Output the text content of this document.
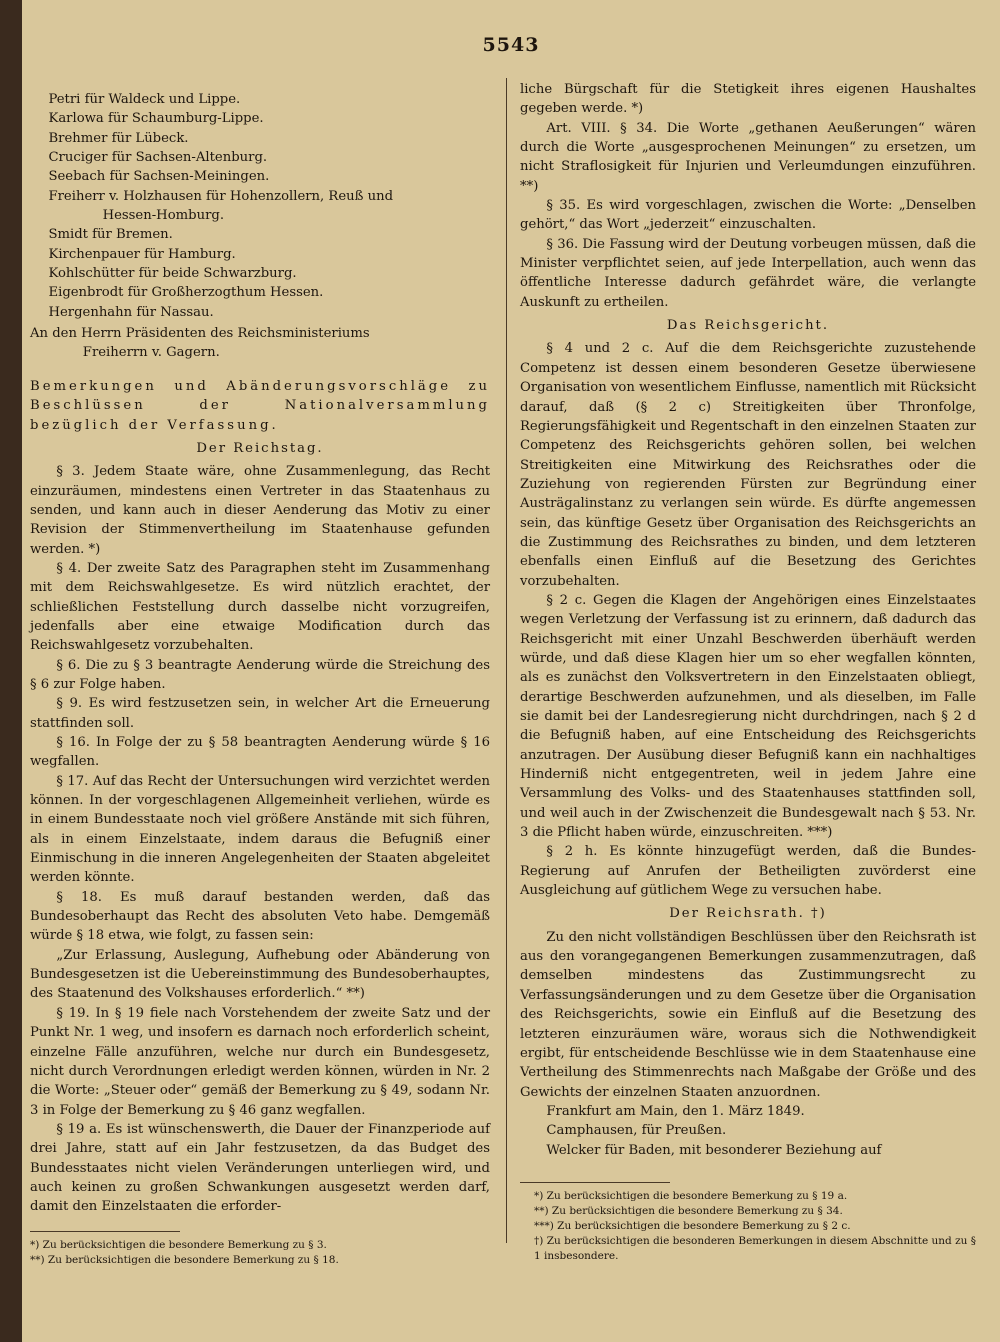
5543

Petri für Waldeck und Lippe.

Karlowa für Schaumburg-Lippe.

Brehmer für Lübeck.

Cruciger für Sachsen-Altenburg.

Seebach für Sachsen-Meiningen.

Freiherr v. Holzhausen für Hohenzollern, Reuß und

Hessen-Homburg.

Smidt für Bremen.

Kirchenpauer für Hamburg.

Kohlschütter für beide Schwarzburg.

Eigenbrodt für Großherzogthum Hessen.

Hergenhahn für Nassau.

An den Herrn Präsidenten des Reichsministeriums

Freiherrn v. Gagern.

Bemerkungen und Abänderungsvorschläge zu Beschlüssen der Nationalversammlung bezüglich der Verfassung.

Der Reichstag.

§ 3. Jedem Staate wäre, ohne Zusammenlegung, das Recht einzuräumen, mindestens einen Vertreter in das Staatenhaus zu senden, und kann auch in dieser Aenderung das Motiv zu einer Revision der Stimmenvertheilung im Staatenhause gefunden werden. *)

§ 4. Der zweite Satz des Paragraphen steht im Zusammenhang mit dem Reichswahlgesetze. Es wird nützlich erachtet, der schließlichen Feststellung durch dasselbe nicht vorzugreifen, jedenfalls aber eine etwaige Modification durch das Reichswahlgesetz vorzubehalten.

§ 6. Die zu § 3 beantragte Aenderung würde die Streichung des § 6 zur Folge haben.

§ 9. Es wird festzusetzen sein, in welcher Art die Erneuerung stattfinden soll.

§ 16. In Folge der zu § 58 beantragten Aenderung würde § 16 wegfallen.

§ 17. Auf das Recht der Untersuchungen wird verzichtet werden können. In der vorgeschlagenen Allgemeinheit verliehen, würde es in einem Bundesstaate noch viel größere Anstände mit sich führen, als in einem Einzelstaate, indem daraus die Befugniß einer Einmischung in die inneren Angelegenheiten der Staaten abgeleitet werden könnte.

§ 18. Es muß darauf bestanden werden, daß das Bundesoberhaupt das Recht des absoluten Veto habe. Demgemäß würde § 18 etwa, wie folgt, zu fassen sein:

„Zur Erlassung, Auslegung, Aufhebung oder Abänderung von Bundesgesetzen ist die Uebereinstimmung des Bundesoberhauptes, des Staatenund des Volkshauses erforderlich.“ **)

§ 19. In § 19 fiele nach Vorstehendem der zweite Satz und der Punkt Nr. 1 weg, und insofern es darnach noch erforderlich scheint, einzelne Fälle anzuführen, welche nur durch ein Bundesgesetz, nicht durch Verordnungen erledigt werden können, würden in Nr. 2 die Worte: „Steuer oder“ gemäß der Bemerkung zu § 49, sodann Nr. 3 in Folge der Bemerkung zu § 46 ganz wegfallen.

§ 19 a. Es ist wünschenswerth, die Dauer der Finanzperiode auf drei Jahre, statt auf ein Jahr festzusetzen, da das Budget des Bundesstaates nicht vielen Veränderungen unterliegen wird, und auch keinen zu großen Schwankungen ausgesetzt werden darf, damit den Einzelstaaten die erforder-

*) Zu berücksichtigen die besondere Bemerkung zu § 3.

**) Zu berücksichtigen die besondere Bemerkung zu § 18.

liche Bürgschaft für die Stetigkeit ihres eigenen Haushaltes gegeben werde. *)

Art. VIII. § 34. Die Worte „gethanen Aeußerungen“ wären durch die Worte „ausgesprochenen Meinungen“ zu ersetzen, um nicht Straflosigkeit für Injurien und Verleumdungen einzuführen. **)

§ 35. Es wird vorgeschlagen, zwischen die Worte: „Denselben gehört,“ das Wort „jederzeit“ einzuschalten.

§ 36. Die Fassung wird der Deutung vorbeugen müssen, daß die Minister verpflichtet seien, auf jede Interpellation, auch wenn das öffentliche Interesse dadurch gefährdet wäre, die verlangte Auskunft zu ertheilen.

Das Reichsgericht.

§ 4 und 2 c. Auf die dem Reichsgerichte zuzustehende Competenz ist dessen einem besonderen Gesetze überwiesene Organisation von wesentlichem Einflusse, namentlich mit Rücksicht darauf, daß (§ 2 c) Streitigkeiten über Thronfolge, Regierungsfähigkeit und Regentschaft in den einzelnen Staaten zur Competenz des Reichsgerichts gehören sollen, bei welchen Streitigkeiten eine Mitwirkung des Reichsrathes oder die Zuziehung von regierenden Fürsten zur Begründung einer Austrägalinstanz zu verlangen sein würde. Es dürfte angemessen sein, das künftige Gesetz über Organisation des Reichsgerichts an die Zustimmung des Reichsrathes zu binden, und dem letzteren ebenfalls einen Einfluß auf die Besetzung des Gerichtes vorzubehalten.

§ 2 c. Gegen die Klagen der Angehörigen eines Einzelstaates wegen Verletzung der Verfassung ist zu erinnern, daß dadurch das Reichsgericht mit einer Unzahl Beschwerden überhäuft werden würde, und daß diese Klagen hier um so eher wegfallen könnten, als es zunächst den Volksvertretern in den Einzelstaaten obliegt, derartige Beschwerden aufzunehmen, und als dieselben, im Falle sie damit bei der Landesregierung nicht durchdringen, nach § 2 d die Befugniß haben, auf eine Entscheidung des Reichsgerichts anzutragen. Der Ausübung dieser Befugniß kann ein nachhaltiges Hinderniß nicht entgegentreten, weil in jedem Jahre eine Versammlung des Volks- und des Staatenhauses stattfinden soll, und weil auch in der Zwischenzeit die Bundesgewalt nach § 53. Nr. 3 die Pflicht haben würde, einzuschreiten. ***)

§ 2 h. Es könnte hinzugefügt werden, daß die Bundes-Regierung auf Anrufen der Betheiligten zuvörderst eine Ausgleichung auf gütlichem Wege zu versuchen habe.

Der Reichsrath. †)

Zu den nicht vollständigen Beschlüssen über den Reichsrath ist aus den vorangegangenen Bemerkungen zusammenzutragen, daß demselben mindestens das Zustimmungsrecht zu Verfassungsänderungen und zu dem Gesetze über die Organisation des Reichsgerichts, sowie ein Einfluß auf die Besetzung des letzteren einzuräumen wäre, woraus sich die Nothwendigkeit ergibt, für entscheidende Beschlüsse wie in dem Staatenhause eine Vertheilung des Stimmenrechts nach Maßgabe der Größe und des Gewichts der einzelnen Staaten anzuordnen.

Frankfurt am Main, den 1. März 1849.

Camphausen, für Preußen.

Welcker für Baden, mit besonderer Beziehung auf

*) Zu berücksichtigen die besondere Bemerkung zu § 19 a.

**) Zu berücksichtigen die besondere Bemerkung zu § 34.

***) Zu berücksichtigen die besondere Bemerkung zu § 2 c.

†) Zu berücksichtigen die besonderen Bemerkungen in diesem Abschnitte und zu § 1 insbesondere.
